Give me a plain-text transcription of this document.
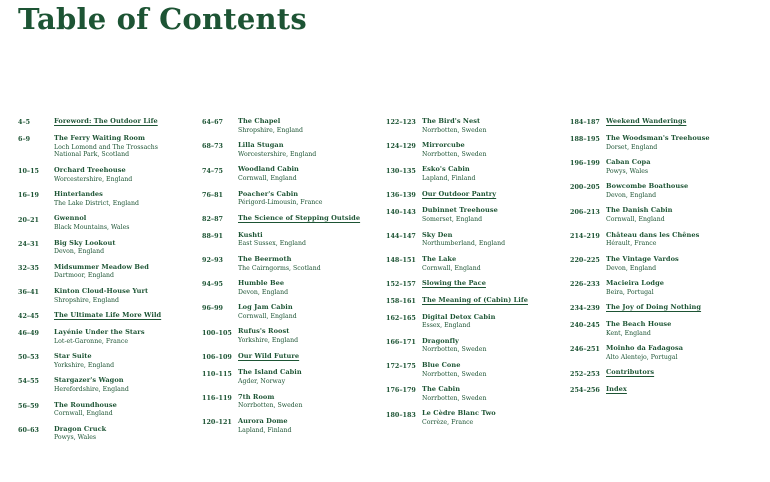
Table of Contents
4–5	Foreword: The Outdoor Life
6–9	The Ferry Waiting Room
Loch Lomond and The Trossachs
National Park, Scotland
10–15	Orchard Treehouse
Worcestershire, England
16–19	Hinterlandes
The Lake District, England
20–21	Gwennol
Black Mountains, Wales
24–31	Big Sky Lookout
Devon, England
32–35	Midsummer Meadow Bed
Dartmoor, England
36–41	Kinton Cloud-House Yurt
Shropshire, England
42–45	The Ultimate Life More Wild
46–49	Layénie Under the Stars
Lot-et-Garonne, France
50–53	Star Suite
Yorkshire, England
54–55	Stargazer's Wagon
Herefordshire, England
56–59	The Roundhouse
Cornwall, England
60–63	Dragon Cruck
Powys, Wales
64–67	The Chapel
Shropshire, England
68–73	Lilla Stugan
Worcestershire, England
74–75	Woodland Cabin
Cornwall, England
76–81	Poacher's Cabin
Périgord-Limousin, France
82–87	The Science of Stepping Outside
88–91	Kushti
East Sussex, England
92–93	The Beermoth
The Cairngorms, Scotland
94–95	Humble Bee
Devon, England
96–99	Log Jam Cabin
Cornwall, England
100–105 Rufus's Roost
Yorkshire, England
106–109 Our Wild Future
110–115 The Island Cabin
Agder, Norway
116–119 7th Room
Norrbotten, Sweden
120–121 Aurora Dome
Lapland, Finland
122–123 The Bird's Nest
Norrbotten, Sweden
124–129 Mirrorcube
Norrbotten, Sweden
130–135 Esko's Cabin
Lapland, Finland
136–139 Our Outdoor Pantry
140–143 Dubinnet Treehouse
Somerset, England
144–147 Sky Den
Northumberland, England
148–151 The Lake
Cornwall, England
152–157 Slowing the Pace
158–161 The Meaning of (Cabin) Life
162–165 Digital Detox Cabin
Essex, England
166–171 Dragonfly
Norrbotten, Sweden
172–175 Blue Cone
Norrbotten, Sweden
176–179 The Cabin
Norrbotten, Sweden
180–183 Le Cèdre Blanc Two
Corrèze, France
184–187 Weekend Wanderings
188–195 The Woodsman's Treehouse
Dorset, England
196–199 Caban Copa
Powys, Wales
200–205 Bowcombe Boathouse
Devon, England
206–213 The Danish Cabin
Cornwall, England
214–219 Château dans les Chênes
Hérault, France
220–225 The Vintage Vardos
Devon, England
226–233 Macieira Lodge
Beira, Portugal
234–239 The Joy of Doing Nothing
240–245 The Beach House
Kent, England
246–251 Moinho da Fadagosa
Alto Alentejo, Portugal
252–253 Contributors
254–256 Index
